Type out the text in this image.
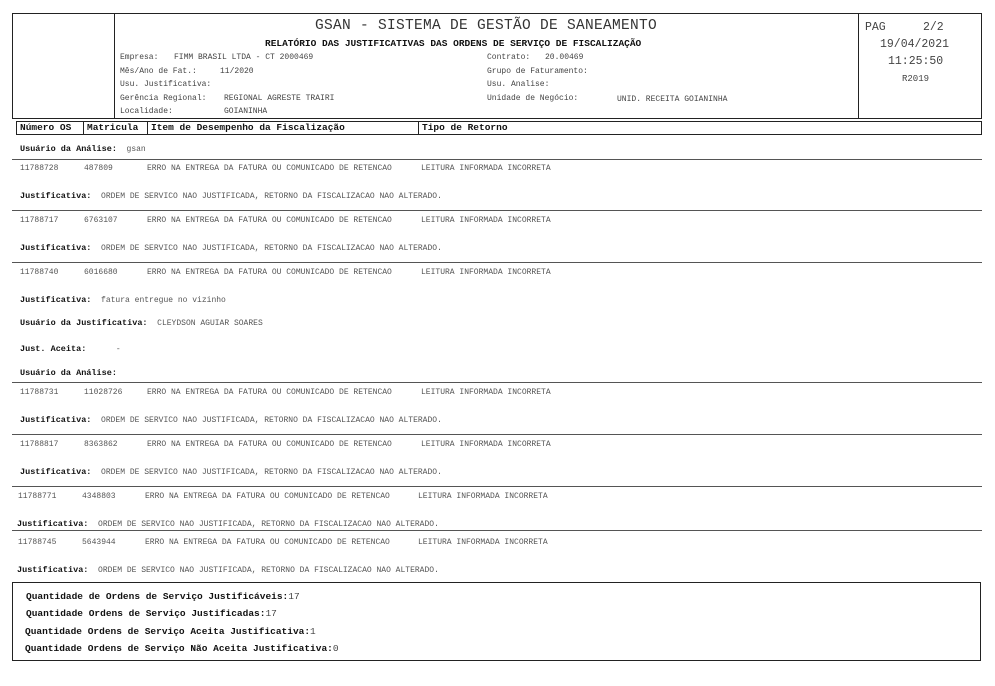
GSAN - SISTEMA DE GESTÃO DE SANEAMENTO
RELATÓRIO DAS JUSTIFICATIVAS DAS ORDENS DE SERVIÇO DE FISCALIZAÇÃO
Empresa: FIMM BRASIL LTDA - CT 2000469
Mês/Ano de Fat.:	11/2020
Usu. Justificativa:
Gerência Regional: REGIONAL AGRESTE TRAIRI
Localidade:	GOIANINHA
Contrato: 20.00469
Grupo de Faturamento:
Usu. Analise:
Unidade de Negócio:	UNID. RECEITA GOIANINHA
PAG	2/2
19/04/2021
11:25:50
R2019
Número OS	Matricula	Item de Desempenho da Fiscalização	Tipo de Retorno
Usuário da Análise: gsan
11788728	487809	ERRO NA ENTREGA DA FATURA OU COMUNICADO DE RETENCAO	LEITURA INFORMADA INCORRETA
Justificativa: ORDEM DE SERVICO NAO JUSTIFICADA, RETORNO DA FISCALIZACAO NAO ALTERADO.
11788717	6763107	ERRO NA ENTREGA DA FATURA OU COMUNICADO DE RETENCAO	LEITURA INFORMADA INCORRETA
Justificativa: ORDEM DE SERVICO NAO JUSTIFICADA, RETORNO DA FISCALIZACAO NAO ALTERADO.
11788740	6016680	ERRO NA ENTREGA DA FATURA OU COMUNICADO DE RETENCAO	LEITURA INFORMADA INCORRETA
Justificativa: fatura entregue no vizinho
Usuário da Justificativa: CLEYDSON AGUIAR SOARES
Just. Aceita:	-
Usuário da Análise:
11788731	11028726	ERRO NA ENTREGA DA FATURA OU COMUNICADO DE RETENCAO	LEITURA INFORMADA INCORRETA
Justificativa: ORDEM DE SERVICO NAO JUSTIFICADA, RETORNO DA FISCALIZACAO NAO ALTERADO.
11788817	8363862	ERRO NA ENTREGA DA FATURA OU COMUNICADO DE RETENCAO	LEITURA INFORMADA INCORRETA
Justificativa: ORDEM DE SERVICO NAO JUSTIFICADA, RETORNO DA FISCALIZACAO NAO ALTERADO.
11788771	4348803	ERRO NA ENTREGA DA FATURA OU COMUNICADO DE RETENCAO	LEITURA INFORMADA INCORRETA
Justificativa: ORDEM DE SERVICO NAO JUSTIFICADA, RETORNO DA FISCALIZACAO NAO ALTERADO.
11788745	5643944	ERRO NA ENTREGA DA FATURA OU COMUNICADO DE RETENCAO	LEITURA INFORMADA INCORRETA
Justificativa: ORDEM DE SERVICO NAO JUSTIFICADA, RETORNO DA FISCALIZACAO NAO ALTERADO.
Quantidade de Ordens de Serviço Justificáveis:17
Quantidade Ordens de Serviço Justificadas:17
Quantidade Ordens de Serviço Aceita Justificativa:1
Quantidade Ordens de Serviço Não Aceita Justificativa:0
